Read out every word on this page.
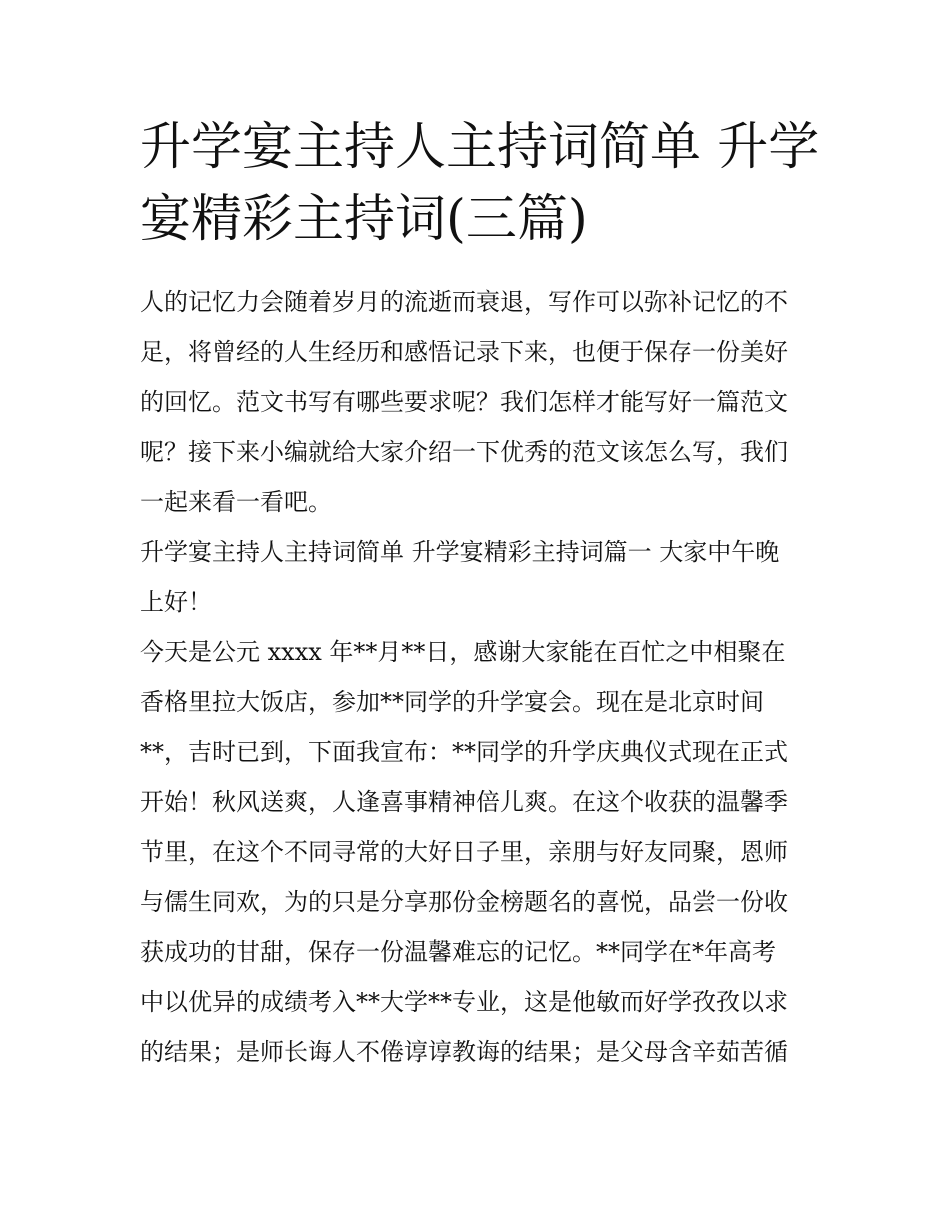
升学宴主持人主持词简单 升学
宴精彩主持词(三篇)
人的记忆力会随着岁月的流逝而衰退，写作可以弥补记忆的不
足，将曾经的人生经历和感悟记录下来，也便于保存一份美好
的回忆。范文书写有哪些要求呢？我们怎样才能写好一篇范文
呢？接下来小编就给大家介绍一下优秀的范文该怎么写，我们
一起来看一看吧。
升学宴主持人主持词简单 升学宴精彩主持词篇一 大家中午晚
上好！
今天是公元 xxxx 年**月**日，感谢大家能在百忙之中相聚在
香格里拉大饭店，参加**同学的升学宴会。现在是北京时间
**，吉时已到，下面我宣布：**同学的升学庆典仪式现在正式
开始！秋风送爽，人逢喜事精神倍儿爽。在这个收获的温馨季
节里，在这个不同寻常的大好日子里，亲朋与好友同聚，恩师
与儒生同欢，为的只是分享那份金榜题名的喜悦，品尝一份收
获成功的甘甜，保存一份温馨难忘的记忆。**同学在*年高考
中以优异的成绩考入**大学**专业，这是他敏而好学孜孜以求
的结果；是师长诲人不倦谆谆教诲的结果；是父母含辛茹苦循
